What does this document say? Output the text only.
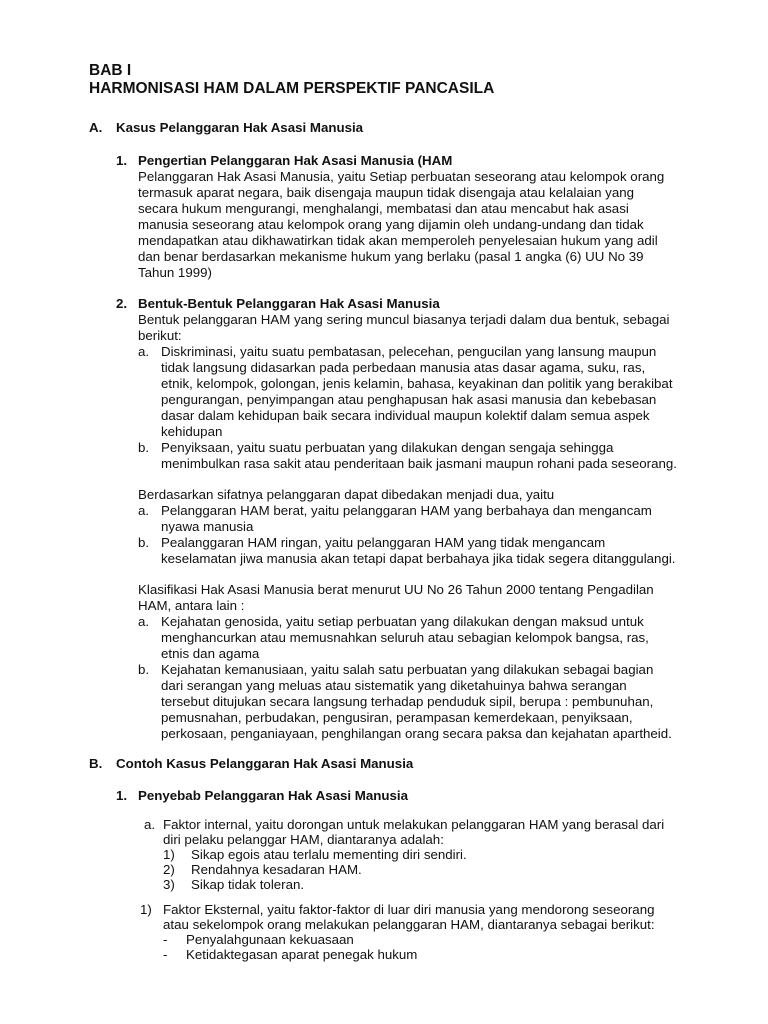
BAB I
HARMONISASI HAM DALAM PERSPEKTIF PANCASILA
A. Kasus Pelanggaran Hak Asasi Manusia
1. Pengertian Pelanggaran Hak Asasi Manusia (HAM
Pelanggaran Hak Asasi Manusia, yaitu Setiap perbuatan seseorang atau kelompok orang
termasuk aparat negara, baik disengaja maupun tidak disengaja atau kelalaian yang
secara hukum mengurangi, menghalangi, membatasi dan atau mencabut hak asasi
manusia seseorang atau kelompok orang yang dijamin oleh undang-undang dan tidak
mendapatkan atau dikhawatirkan tidak akan memperoleh penyelesaian hukum yang adil
dan benar berdasarkan mekanisme hukum yang berlaku (pasal 1 angka (6) UU No 39
Tahun 1999)
2. Bentuk-Bentuk Pelanggaran Hak Asasi Manusia
Bentuk pelanggaran HAM yang sering muncul biasanya terjadi dalam dua bentuk, sebagai
berikut:
a. Diskriminasi, yaitu suatu pembatasan, pelecehan, pengucilan yang lansung maupun
tidak langsung didasarkan pada perbedaan manusia atas dasar agama, suku, ras,
etnik, kelompok, golongan, jenis kelamin, bahasa, keyakinan dan politik yang berakibat
pengurangan, penyimpangan atau penghapusan hak asasi manusia dan kebebasan
dasar dalam kehidupan baik secara individual maupun kolektif dalam semua aspek
kehidupan
b. Penyiksaan, yaitu suatu perbuatan yang dilakukan dengan sengaja sehingga
menimbulkan rasa sakit atau penderitaan baik jasmani maupun rohani pada seseorang.
Berdasarkan sifatnya pelanggaran dapat dibedakan menjadi dua, yaitu
a. Pelanggaran HAM berat, yaitu pelanggaran HAM yang berbahaya dan mengancam
nyawa manusia
b. Pealanggaran HAM ringan, yaitu pelanggaran HAM yang tidak mengancam
keselamatan jiwa manusia akan tetapi dapat berbahaya jika tidak segera ditanggulangi.
Klasifikasi Hak Asasi Manusia berat menurut UU No 26 Tahun 2000 tentang Pengadilan
HAM, antara lain :
a. Kejahatan genosida, yaitu setiap perbuatan yang dilakukan dengan maksud untuk
menghancurkan atau memusnahkan seluruh atau sebagian kelompok bangsa, ras,
etnis dan agama
b. Kejahatan kemanusiaan, yaitu salah satu perbuatan yang dilakukan sebagai bagian
dari serangan yang meluas atau sistematik yang diketahuinya bahwa serangan
tersebut ditujukan secara langsung terhadap penduduk sipil, berupa : pembunuhan,
pemusnahan, perbudakan, pengusiran, perampasan kemerdekaan, penyiksaan,
perkosaan, penganiayaan, penghilangan orang secara paksa dan kejahatan apartheid.
B. Contoh Kasus Pelanggaran Hak Asasi Manusia
1. Penyebab Pelanggaran Hak Asasi Manusia
a. Faktor internal, yaitu dorongan untuk melakukan pelanggaran HAM yang berasal dari
diri pelaku pelanggar HAM, diantaranya adalah:
1) Sikap egois atau terlalu mementing diri sendiri.
2) Rendahnya kesadaran HAM.
3) Sikap tidak toleran.
1) Faktor Eksternal, yaitu faktor-faktor di luar diri manusia yang mendorong seseorang
atau sekelompok orang melakukan pelanggaran HAM, diantaranya sebagai berikut:
- Penyalahgunaan kekuasaan
- Ketidaktegasan aparat penegak hukum
